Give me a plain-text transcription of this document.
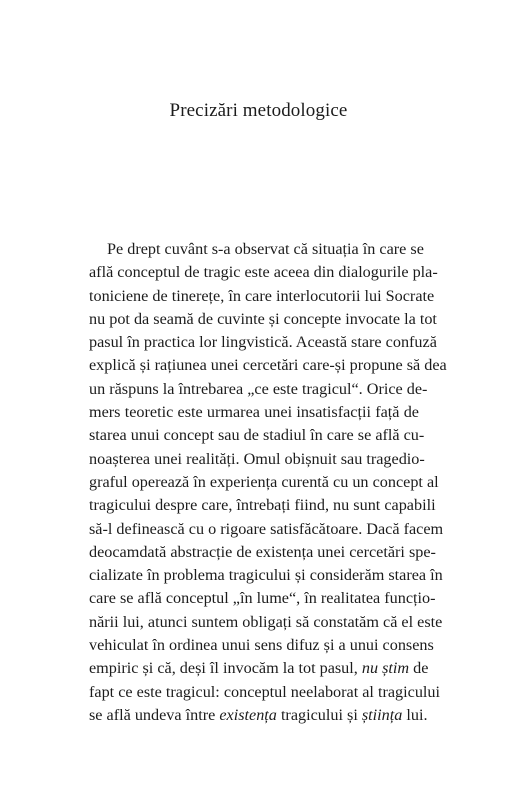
Precizări metodologice
Pe drept cuvânt s-a observat că situația în care se
află conceptul de tragic este aceea din dialogurile pla-
toniciene de tinerețe, în care interlocutorii lui Socrate
nu pot da seamă de cuvinte și concepte invocate la tot
pasul în practica lor lingvistică. Această stare confuză
explică și rațiunea unei cercetări care-și propune să dea
un răspuns la întrebarea „ce este tragicul“. Orice de-
mers teoretic este urmarea unei insatisfacții față de
starea unui concept sau de stadiul în care se află cu-
noașterea unei realități. Omul obișnuit sau tragedio-
graful operează în experiența curentă cu un concept al
tragicului despre care, întrebați fiind, nu sunt capabili
să-l definească cu o rigoare satisfăcătoare. Dacă facem
deocamdată abstracție de existența unei cercetări spe-
cializate în problema tragicului și considerăm starea în
care se află conceptul „în lume“, în realitatea funcțio-
nării lui, atunci suntem obligați să constatăm că el este
vehiculat în ordinea unui sens difuz și a unui consens
empiric și că, deși îl invocăm la tot pasul, nu știm de
fapt ce este tragicul: conceptul neelaborat al tragicului
se află undeva între existența tragicului și știința lui.
